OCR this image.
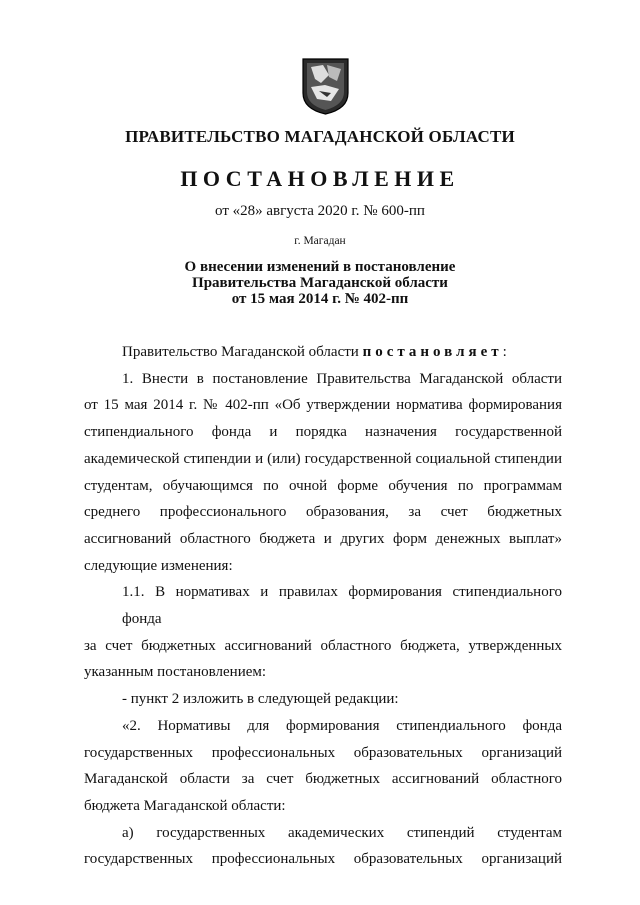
ПРАВИТЕЛЬСТВО МАГАДАНСКОЙ ОБЛАСТИ
ПОСТАНОВЛЕНИЕ
от «28» августа 2020 г. № 600-пп
г. Магадан
О внесении изменений в постановление
Правительства Магаданской области
от 15 мая 2014 г. № 402-пп

Правительство Магаданской области постановляет:

1. Внести в постановление Правительства Магаданской области
от 15 мая 2014 г. № 402-пп «Об утверждении норматива формирования
стипендиального фонда и порядка назначения государственной
академической стипендии и (или) государственной социальной стипендии
студентам, обучающимся по очной форме обучения по программам
среднего профессионального образования, за счет бюджетных
ассигнований областного бюджета и других форм денежных выплат»
следующие изменения:
1.1. В нормативах и правилах формирования стипендиального фонда
за счет бюджетных ассигнований областного бюджета, утвержденных
указанным постановлением:
- пункт 2 изложить в следующей редакции:
«2. Нормативы для формирования стипендиального фонда
государственных профессиональных образовательных организаций
Магаданской области за счет бюджетных ассигнований областного
бюджета Магаданской области:
а) государственных академических стипендий студентам
государственных профессиональных образовательных организаций
